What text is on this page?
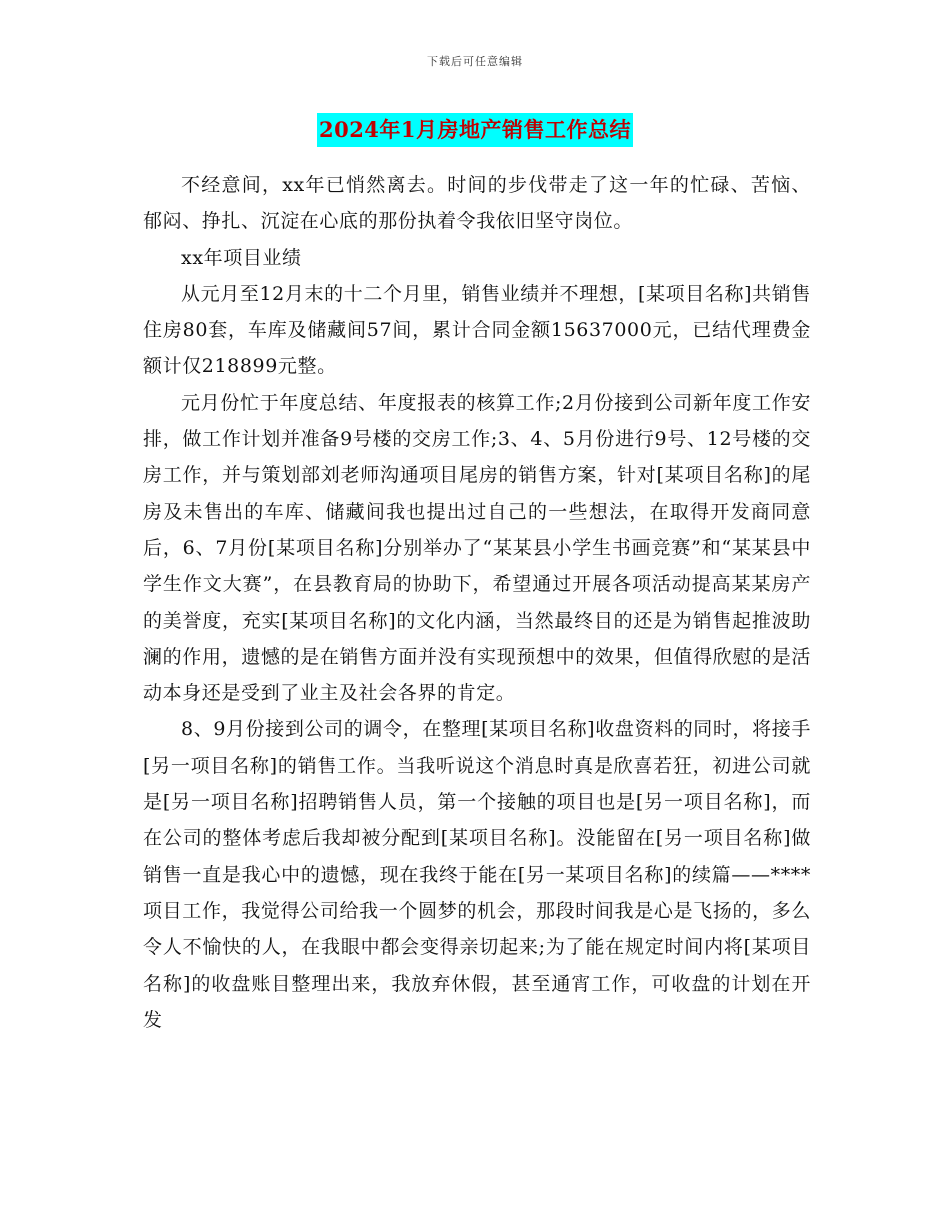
下载后可任意编辑
2024年1月房地产销售工作总结

不经意间，xx年已悄然离去。时间的步伐带走了这一年的忙碌、苦恼、郁闷、挣扎、沉淀在心底的那份执着令我依旧坚守岗位。

xx年项目业绩

从元月至12月末的十二个月里，销售业绩并不理想，[某项目名称]共销售住房80套，车库及储藏间57间，累计合同金额15637000元，已结代理费金额计仅218899元整。

元月份忙于年度总结、年度报表的核算工作;2月份接到公司新年度工作安排，做工作计划并准备9号楼的交房工作;3、4、5月份进行9号、12号楼的交房工作，并与策划部刘老师沟通项目尾房的销售方案，针对[某项目名称]的尾房及未售出的车库、储藏间我也提出过自己的一些想法，在取得开发商同意后，6、7月份[某项目名称]分别举办了“某某县小学生书画竞赛”和“某某县中学生作文大赛”，在县教育局的协助下，希望通过开展各项活动提高某某房产的美誉度，充实[某项目名称]的文化内涵，当然最终目的还是为销售起推波助澜的作用，遗憾的是在销售方面并没有实现预想中的效果，但值得欣慰的是活动本身还是受到了业主及社会各界的肯定。

8、9月份接到公司的调令，在整理[某项目名称]收盘资料的同时，将接手[另一项目名称]的销售工作。当我听说这个消息时真是欣喜若狂，初进公司就是[另一项目名称]招聘销售人员，第一个接触的项目也是[另一项目名称]，而在公司的整体考虑后我却被分配到[某项目名称]。没能留在[另一项目名称]做销售一直是我心中的遗憾，现在我终于能在[另一某项目名称]的续篇——****项目工作，我觉得公司给我一个圆梦的机会，那段时间我是心是飞扬的，多么令人不愉快的人，在我眼中都会变得亲切起来;为了能在规定时间内将[某项目名称]的收盘账目整理出来，我放弃休假，甚至通宵工作，可收盘的计划在开发
